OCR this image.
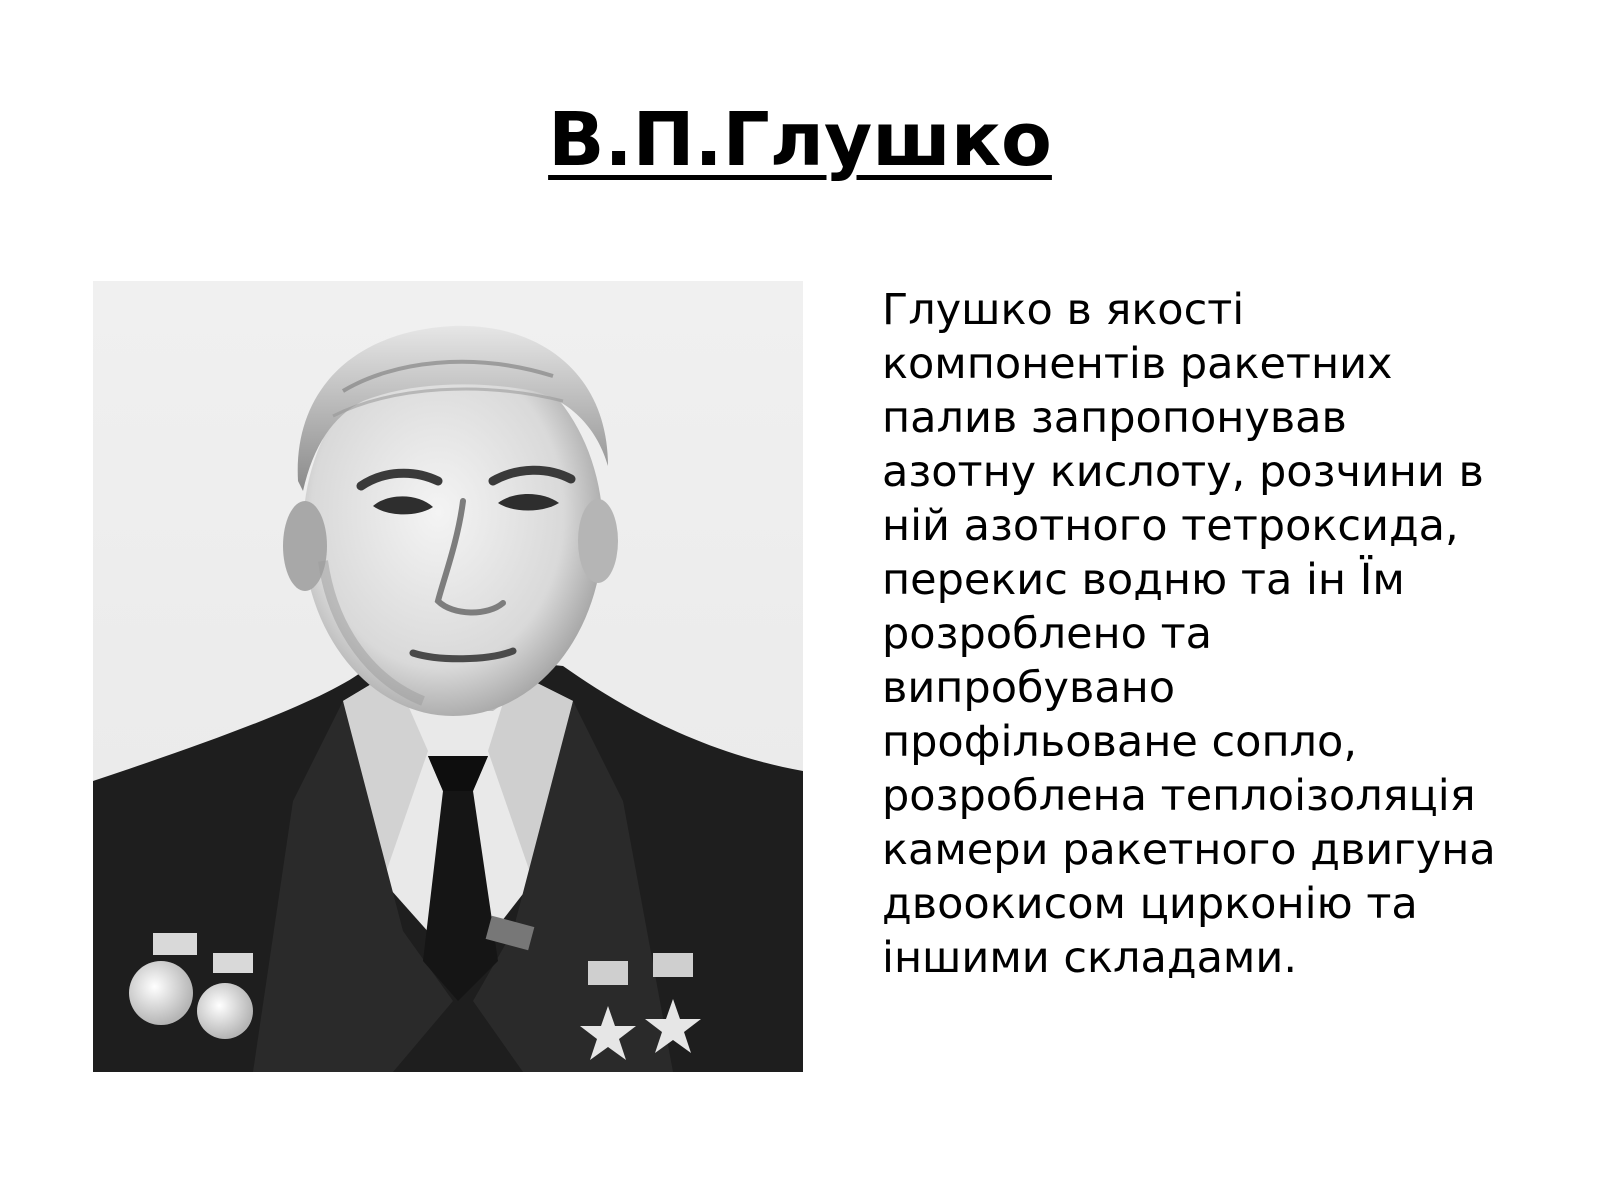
В.П.Глушко

Глушко в якості
компонентів ракетних
палив запропонував
азотну кислоту, розчини в
ній азотного тетроксида,
перекис водню та ін Їм
розроблено та
випробувано
профільоване сопло,
розроблена теплоізоляція
камери ракетного двигуна
двоокисом цирконію та
іншими складами.
